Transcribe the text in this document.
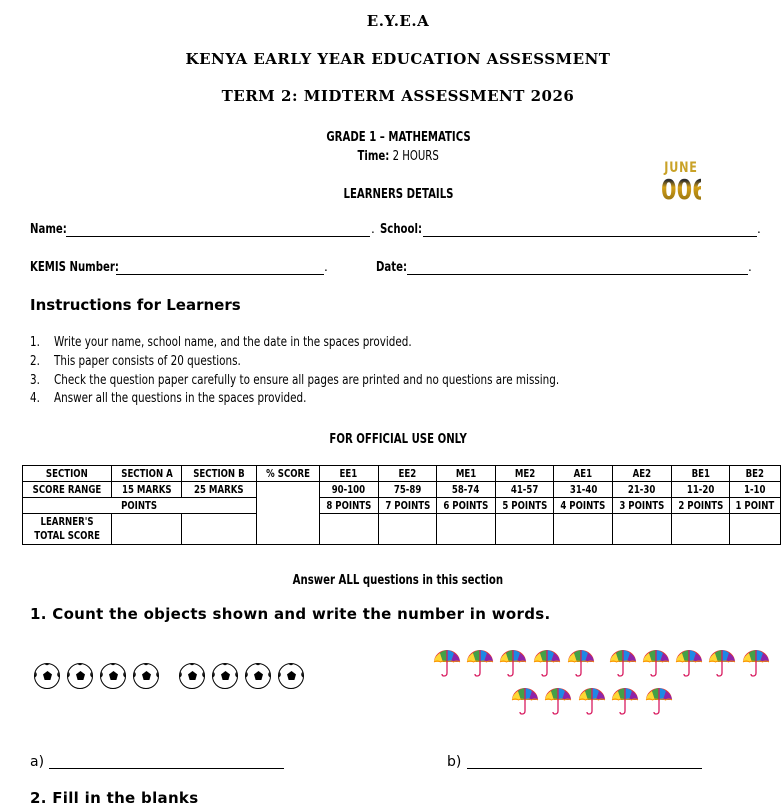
E.Y.E.A
KENYA EARLY YEAR EDUCATION ASSESSMENT
TERM 2: MIDTERM ASSESSMENT 2026
GRADE 1 – MATHEMATICS
Time: 2 HOURS
LEARNERS DETAILS
JUNE
006
Name:	. School:	.
KEMIS Number:	.	Date:	.
Instructions for Learners
1. Write your name, school name, and the date in the spaces provided.
2. This paper consists of 20 questions.
3. Check the question paper carefully to ensure all pages are printed and no questions are missing.
4. Answer all the questions in the spaces provided.
FOR OFFICIAL USE ONLY
SECTION	SECTION A	SECTION B	% SCORE	EE1	EE2	ME1	ME2	AE1	AE2	BE1	BE2
SCORE RANGE	15 MARKS	25 MARKS		90-100	75-89	58-74	41-57	31-40	21-30	11-20	1-10
POINTS				8 POINTS	7 POINTS	6 POINTS	5 POINTS	4 POINTS	3 POINTS	2 POINTS	1 POINT
LEARNER'S
TOTAL SCORE											
Answer ALL questions in this section
1. Count the objects shown and write the number in words.
a)	b)
2. Fill in the blanks
